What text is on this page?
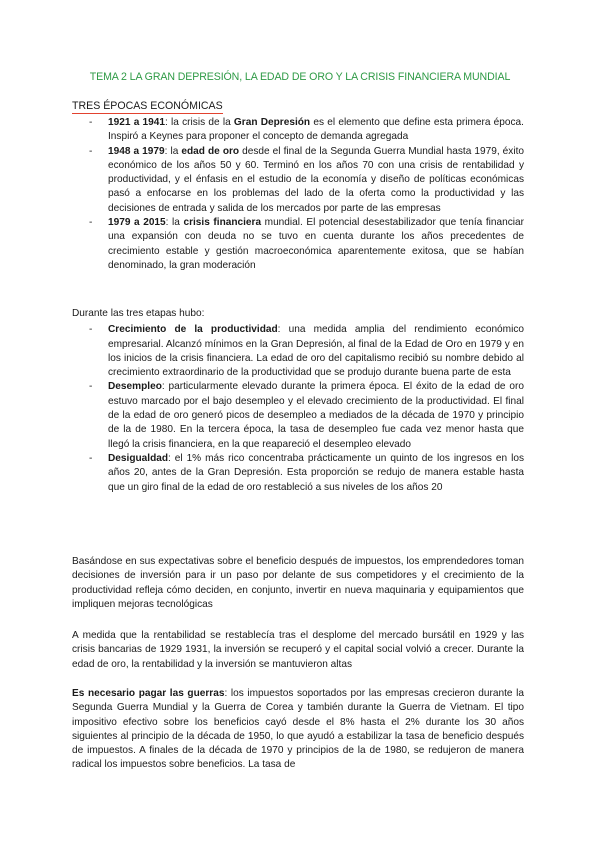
TEMA 2 LA GRAN DEPRESIÓN, LA EDAD DE ORO Y LA CRISIS FINANCIERA MUNDIAL
TRES ÉPOCAS ECONÓMICAS
- 1921 a 1941: la crisis de la Gran Depresión es el elemento que define esta primera época. Inspiró a Keynes para proponer el concepto de demanda agregada
- 1948 a 1979: la edad de oro desde el final de la Segunda Guerra Mundial hasta 1979, éxito económico de los años 50 y 60. Terminó en los años 70 con una crisis de rentabilidad y productividad, y el énfasis en el estudio de la economía y diseño de políticas económicas pasó a enfocarse en los problemas del lado de la oferta como la productividad y las decisiones de entrada y salida de los mercados por parte de las empresas
- 1979 a 2015: la crisis financiera mundial. El potencial desestabilizador que tenía financiar una expansión con deuda no se tuvo en cuenta durante los años precedentes de crecimiento estable y gestión macroeconómica aparentemente exitosa, que se habían denominado, la gran moderación

Durante las tres etapas hubo:

- Crecimiento de la productividad: una medida amplia del rendimiento económico empresarial. Alcanzó mínimos en la Gran Depresión, al final de la Edad de Oro en 1979 y en los inicios de la crisis financiera. La edad de oro del capitalismo recibió su nombre debido al crecimiento extraordinario de la productividad que se produjo durante buena parte de esta
- Desempleo: particularmente elevado durante la primera época. El éxito de la edad de oro estuvo marcado por el bajo desempleo y el elevado crecimiento de la productividad. El final de la edad de oro generó picos de desempleo a mediados de la década de 1970 y principio de la de 1980. En la tercera época, la tasa de desempleo fue cada vez menor hasta que llegó la crisis financiera, en la que reapareció el desempleo elevado
- Desigualdad: el 1% más rico concentraba prácticamente un quinto de los ingresos en los años 20, antes de la Gran Depresión. Esta proporción se redujo de manera estable hasta que un giro final de la edad de oro restableció a sus niveles de los años 20

Basándose en sus expectativas sobre el beneficio después de impuestos, los emprendedores toman decisiones de inversión para ir un paso por delante de sus competidores y el crecimiento de la productividad refleja cómo deciden, en conjunto, invertir en nueva maquinaria y equipamientos que impliquen mejoras tecnológicas

A medida que la rentabilidad se restablecía tras el desplome del mercado bursátil en 1929 y las crisis bancarias de 1929 1931, la inversión se recuperó y el capital social volvió a crecer. Durante la edad de oro, la rentabilidad y la inversión se mantuvieron altas

Es necesario pagar las guerras: los impuestos soportados por las empresas crecieron durante la Segunda Guerra Mundial y la Guerra de Corea y también durante la Guerra de Vietnam. El tipo impositivo efectivo sobre los beneficios cayó desde el 8% hasta el 2% durante los 30 años siguientes al principio de la década de 1950, lo que ayudó a estabilizar la tasa de beneficio después de impuestos. A finales de la década de 1970 y principios de la de 1980, se redujeron de manera radical los impuestos sobre beneficios. La tasa de
